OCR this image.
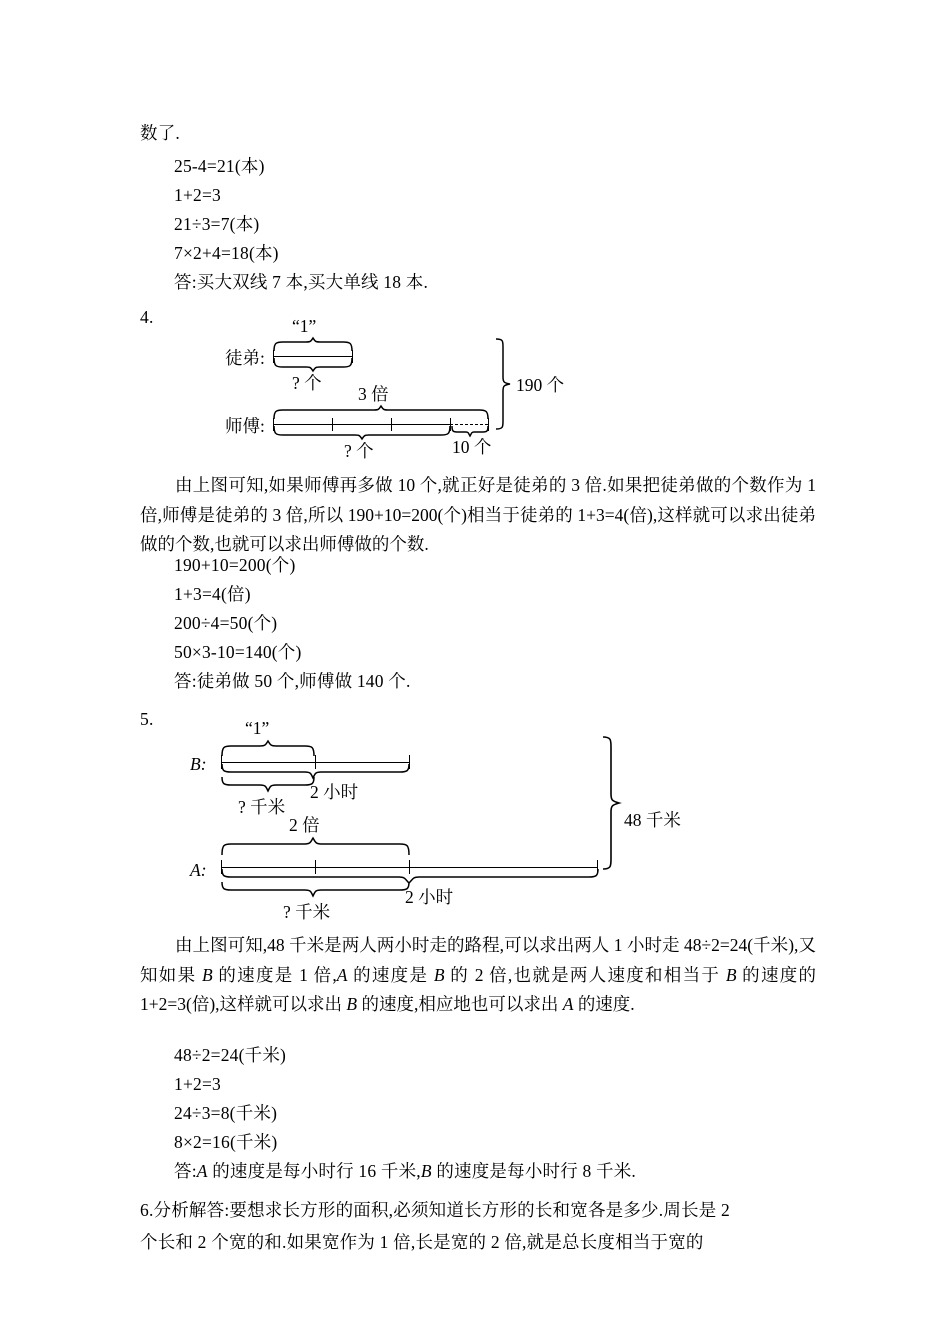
数了.
25-4=21(本)
1+2=3
21÷3=7(本)
7×2+4=18(本)
答:买大双线 7 本,买大单线 18 本.
4.
徒弟:
“1”
? 个
3 倍
师傅:
? 个	10 个
190 个
由上图可知,如果师傅再多做 10 个,就正好是徒弟的 3 倍.如果把徒弟做的个数作为 1 倍,师傅是徒弟的 3 倍,所以 190+10=200(个)相当于徒弟的 1+3=4(倍),这样就可以求出徒弟做的个数,也就可以求出师傅做的个数.
190+10=200(个)
1+3=4(倍)
200÷4=50(个)
50×3-10=140(个)
答:徒弟做 50 个,师傅做 140 个.
5.	“1”
B:
2 小时
? 千米
2 倍
A:
2 小时
? 千米
48 千米
由上图可知,48 千米是两人两小时走的路程,可以求出两人 1 小时走 48÷2=24(千米),又知如果 B 的速度是 1 倍,A 的速度是 B 的 2 倍,也就是两人速度和相当于 B 的速度的 1+2=3(倍),这样就可以求出 B 的速度,相应地也可以求出 A 的速度.
48÷2=24(千米)
1+2=3
24÷3=8(千米)
8×2=16(千米)
答:A 的速度是每小时行 16 千米,B 的速度是每小时行 8 千米.
6.分析解答:要想求长方形的面积,必须知道长方形的长和宽各是多少.周长是 2
个长和 2 个宽的和.如果宽作为 1 倍,长是宽的 2 倍,就是总长度相当于宽的
